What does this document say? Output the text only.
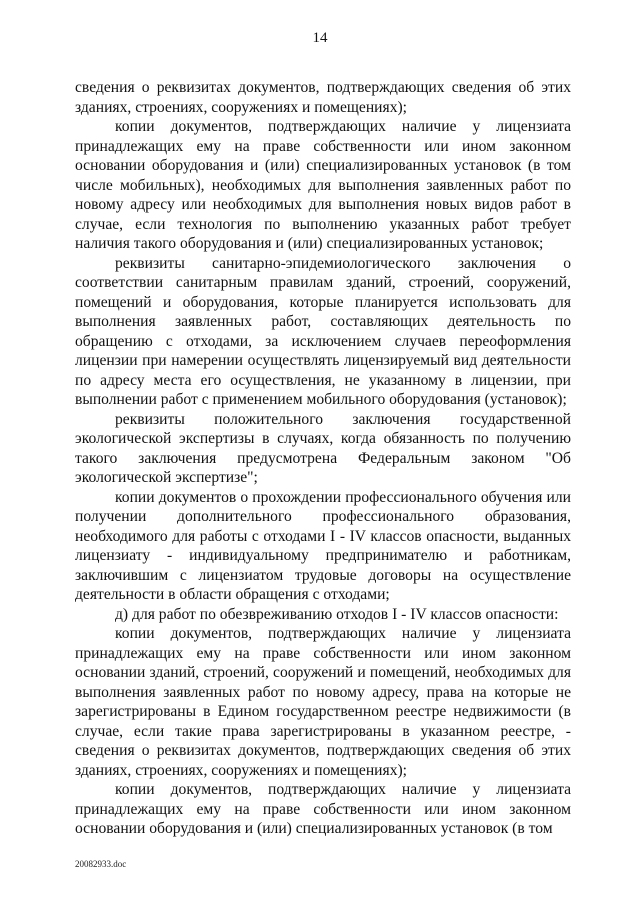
14

сведения о реквизитах документов, подтверждающих сведения об этих зданиях, строениях, сооружениях и помещениях);

копии документов, подтверждающих наличие у лицензиата принадлежащих ему на праве собственности или ином законном основании оборудования и (или) специализированных установок (в том числе мобильных), необходимых для выполнения заявленных работ по новому адресу или необходимых для выполнения новых видов работ в случае, если технология по выполнению указанных работ требует наличия такого оборудования и (или) специализированных установок;

реквизиты санитарно-эпидемиологического заключения о соответствии санитарным правилам зданий, строений, сооружений, помещений и оборудования, которые планируется использовать для выполнения заявленных работ, составляющих деятельность по обращению с отходами, за исключением случаев переоформления лицензии при намерении осуществлять лицензируемый вид деятельности по адресу места его осуществления, не указанному в лицензии, при выполнении работ с применением мобильного оборудования (установок);

реквизиты положительного заключения государственной экологической экспертизы в случаях, когда обязанность по получению такого заключения предусмотрена Федеральным законом "Об экологической экспертизе";

копии документов о прохождении профессионального обучения или получении дополнительного профессионального образования, необходимого для работы с отходами I - IV классов опасности, выданных лицензиату - индивидуальному предпринимателю и работникам, заключившим с лицензиатом трудовые договоры на осуществление деятельности в области обращения с отходами;

д) для работ по обезвреживанию отходов I - IV классов опасности:

копии документов, подтверждающих наличие у лицензиата принадлежащих ему на праве собственности или ином законном основании зданий, строений, сооружений и помещений, необходимых для выполнения заявленных работ по новому адресу, права на которые не зарегистрированы в Едином государственном реестре недвижимости (в случае, если такие права зарегистрированы в указанном реестре, - сведения о реквизитах документов, подтверждающих сведения об этих зданиях, строениях, сооружениях и помещениях);

копии документов, подтверждающих наличие у лицензиата принадлежащих ему на праве собственности или ином законном основании оборудования и (или) специализированных установок (в том

20082933.doc
